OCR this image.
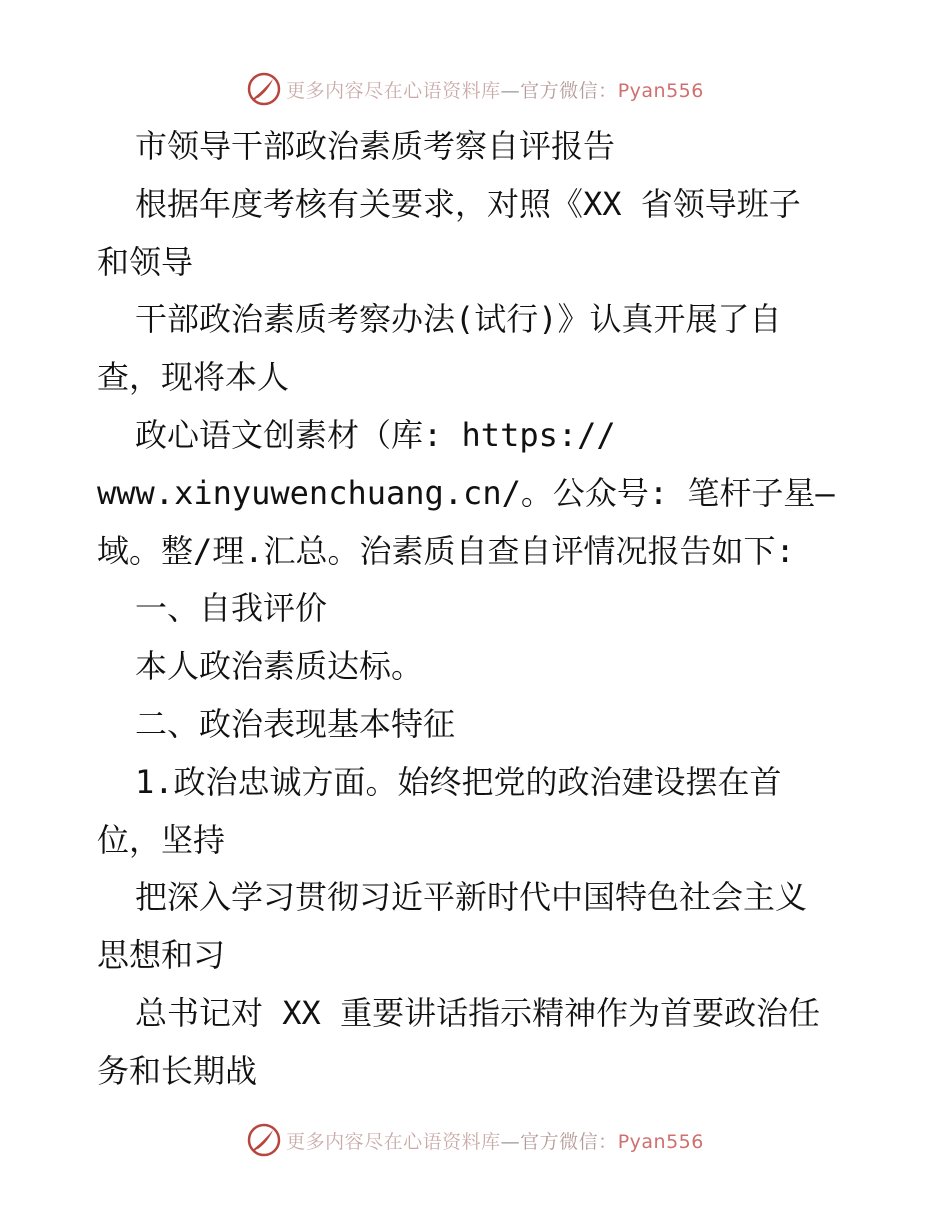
更多内容尽在心语资料库—官方微信：Pyan556
市领导干部政治素质考察自评报告
根据年度考核有关要求，对照《XX 省领导班子
和领导
干部政治素质考察办法(试行)》认真开展了自
查，现将本人
政心语文创素材（库: https://
www.xinyuwenchuang.cn/。公众号: 笔杆子星—
域。整/理.汇总。治素质自查自评情况报告如下:
一、自我评价
本人政治素质达标。
二、政治表现基本特征
1.政治忠诚方面。始终把党的政治建设摆在首
位，坚持
把深入学习贯彻习近平新时代中国特色社会主义
思想和习
总书记对 XX 重要讲话指示精神作为首要政治任
务和长期战
更多内容尽在心语资料库—官方微信：Pyan556
